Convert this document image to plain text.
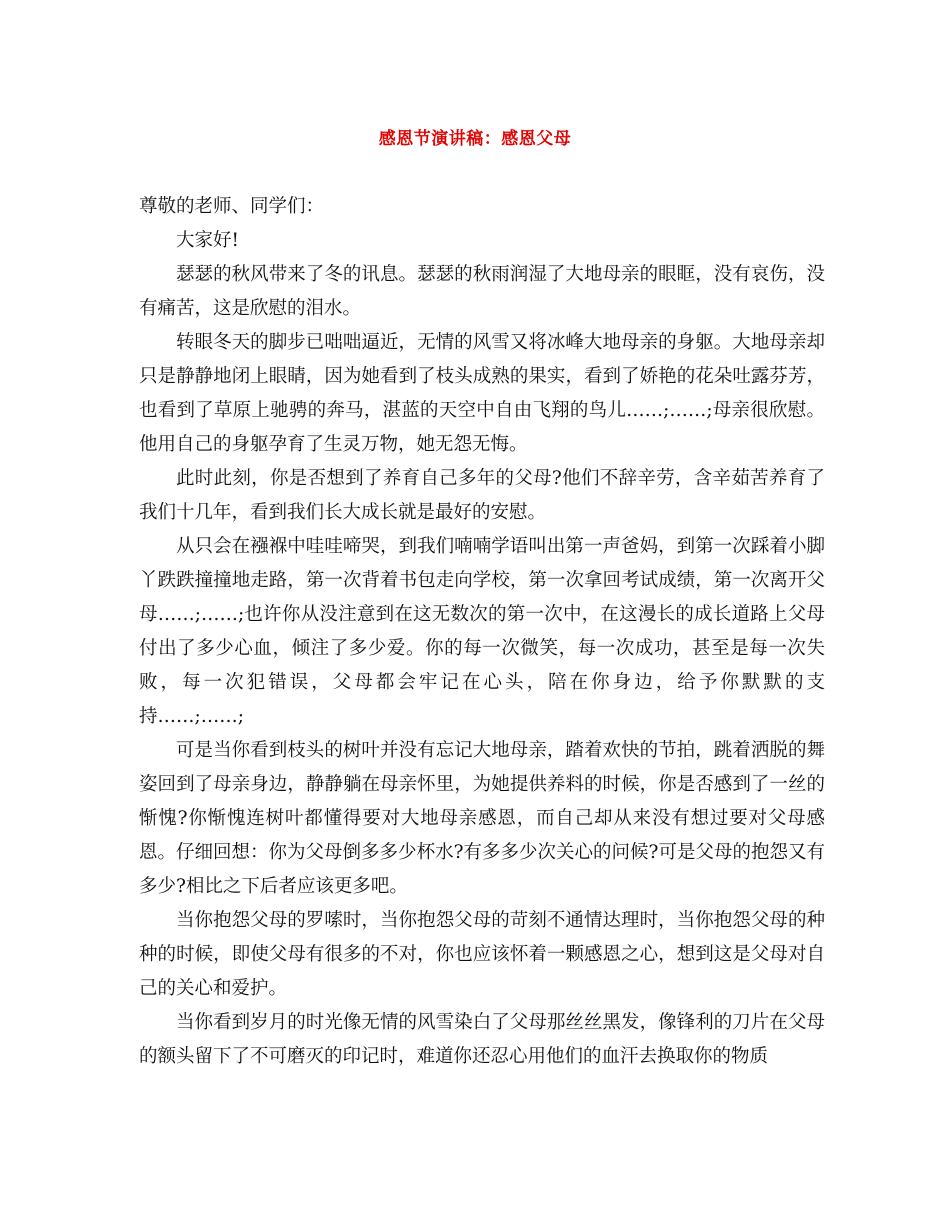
感恩节演讲稿：感恩父母

尊敬的老师、同学们：

大家好!

瑟瑟的秋风带来了冬的讯息。瑟瑟的秋雨润湿了大地母亲的眼眶，没有哀伤，没有痛苦，这是欣慰的泪水。

转眼冬天的脚步已咄咄逼近，无情的风雪又将冰峰大地母亲的身躯。大地母亲却只是静静地闭上眼睛，因为她看到了枝头成熟的果实，看到了娇艳的花朵吐露芬芳，也看到了草原上驰骋的奔马，湛蓝的天空中自由飞翔的鸟儿……;……;母亲很欣慰。他用自己的身躯孕育了生灵万物，她无怨无悔。

此时此刻，你是否想到了养育自己多年的父母?他们不辞辛劳，含辛茹苦养育了我们十几年，看到我们长大成长就是最好的安慰。

从只会在襁褓中哇哇啼哭，到我们喃喃学语叫出第一声爸妈，到第一次踩着小脚丫跌跌撞撞地走路，第一次背着书包走向学校，第一次拿回考试成绩，第一次离开父母……;……;也许你从没注意到在这无数次的第一次中，在这漫长的成长道路上父母付出了多少心血，倾注了多少爱。你的每一次微笑，每一次成功，甚至是每一次失败，每一次犯错误，父母都会牢记在心头，陪在你身边，给予你默默的支持……;……;

可是当你看到枝头的树叶并没有忘记大地母亲，踏着欢快的节拍，跳着洒脱的舞姿回到了母亲身边，静静躺在母亲怀里，为她提供养料的时候，你是否感到了一丝的惭愧?你惭愧连树叶都懂得要对大地母亲感恩，而自己却从来没有想过要对父母感恩。仔细回想：你为父母倒多多少杯水?有多多少次关心的问候?可是父母的抱怨又有多少?相比之下后者应该更多吧。

当你抱怨父母的罗嗦时，当你抱怨父母的苛刻不通情达理时，当你抱怨父母的种种的时候，即使父母有很多的不对，你也应该怀着一颗感恩之心，想到这是父母对自己的关心和爱护。

当你看到岁月的时光像无情的风雪染白了父母那丝丝黑发，像锋利的刀片在父母的额头留下了不可磨灭的印记时，难道你还忍心用他们的血汗去换取你的物质
